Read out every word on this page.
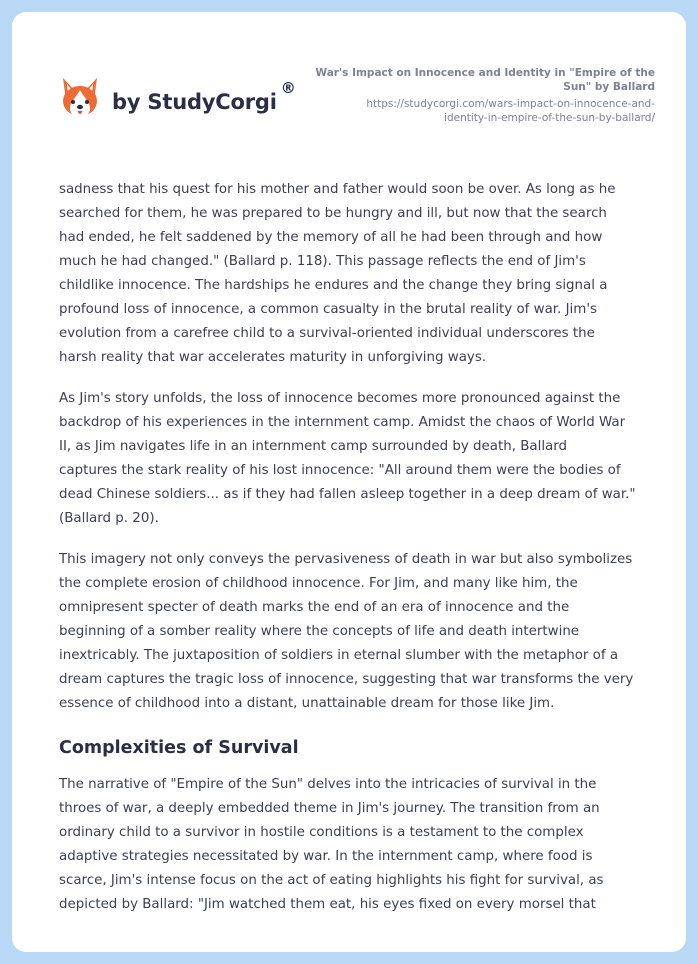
by StudyCorgi
®
War's Impact on Innocence and Identity in "Empire of the
Sun" by Ballard
https://studycorgi.com/wars-impact-on-innocence-and-
identity-in-empire-of-the-sun-by-ballard/

sadness that his quest for his mother and father would soon be over. As long as he
searched for them, he was prepared to be hungry and ill, but now that the search
had ended, he felt saddened by the memory of all he had been through and how
much he had changed." (Ballard p. 118). This passage reflects the end of Jim's
childlike innocence. The hardships he endures and the change they bring signal a
profound loss of innocence, a common casualty in the brutal reality of war. Jim's
evolution from a carefree child to a survival-oriented individual underscores the
harsh reality that war accelerates maturity in unforgiving ways.

As Jim's story unfolds, the loss of innocence becomes more pronounced against the
backdrop of his experiences in the internment camp. Amidst the chaos of World War
II, as Jim navigates life in an internment camp surrounded by death, Ballard
captures the stark reality of his lost innocence: "All around them were the bodies of
dead Chinese soldiers... as if they had fallen asleep together in a deep dream of war."
(Ballard p. 20).

This imagery not only conveys the pervasiveness of death in war but also symbolizes
the complete erosion of childhood innocence. For Jim, and many like him, the
omnipresent specter of death marks the end of an era of innocence and the
beginning of a somber reality where the concepts of life and death intertwine
inextricably. The juxtaposition of soldiers in eternal slumber with the metaphor of a
dream captures the tragic loss of innocence, suggesting that war transforms the very
essence of childhood into a distant, unattainable dream for those like Jim.

Complexities of Survival

The narrative of "Empire of the Sun" delves into the intricacies of survival in the
throes of war, a deeply embedded theme in Jim's journey. The transition from an
ordinary child to a survivor in hostile conditions is a testament to the complex
adaptive strategies necessitated by war. In the internment camp, where food is
scarce, Jim's intense focus on the act of eating highlights his fight for survival, as
depicted by Ballard: "Jim watched them eat, his eyes fixed on every morsel that
